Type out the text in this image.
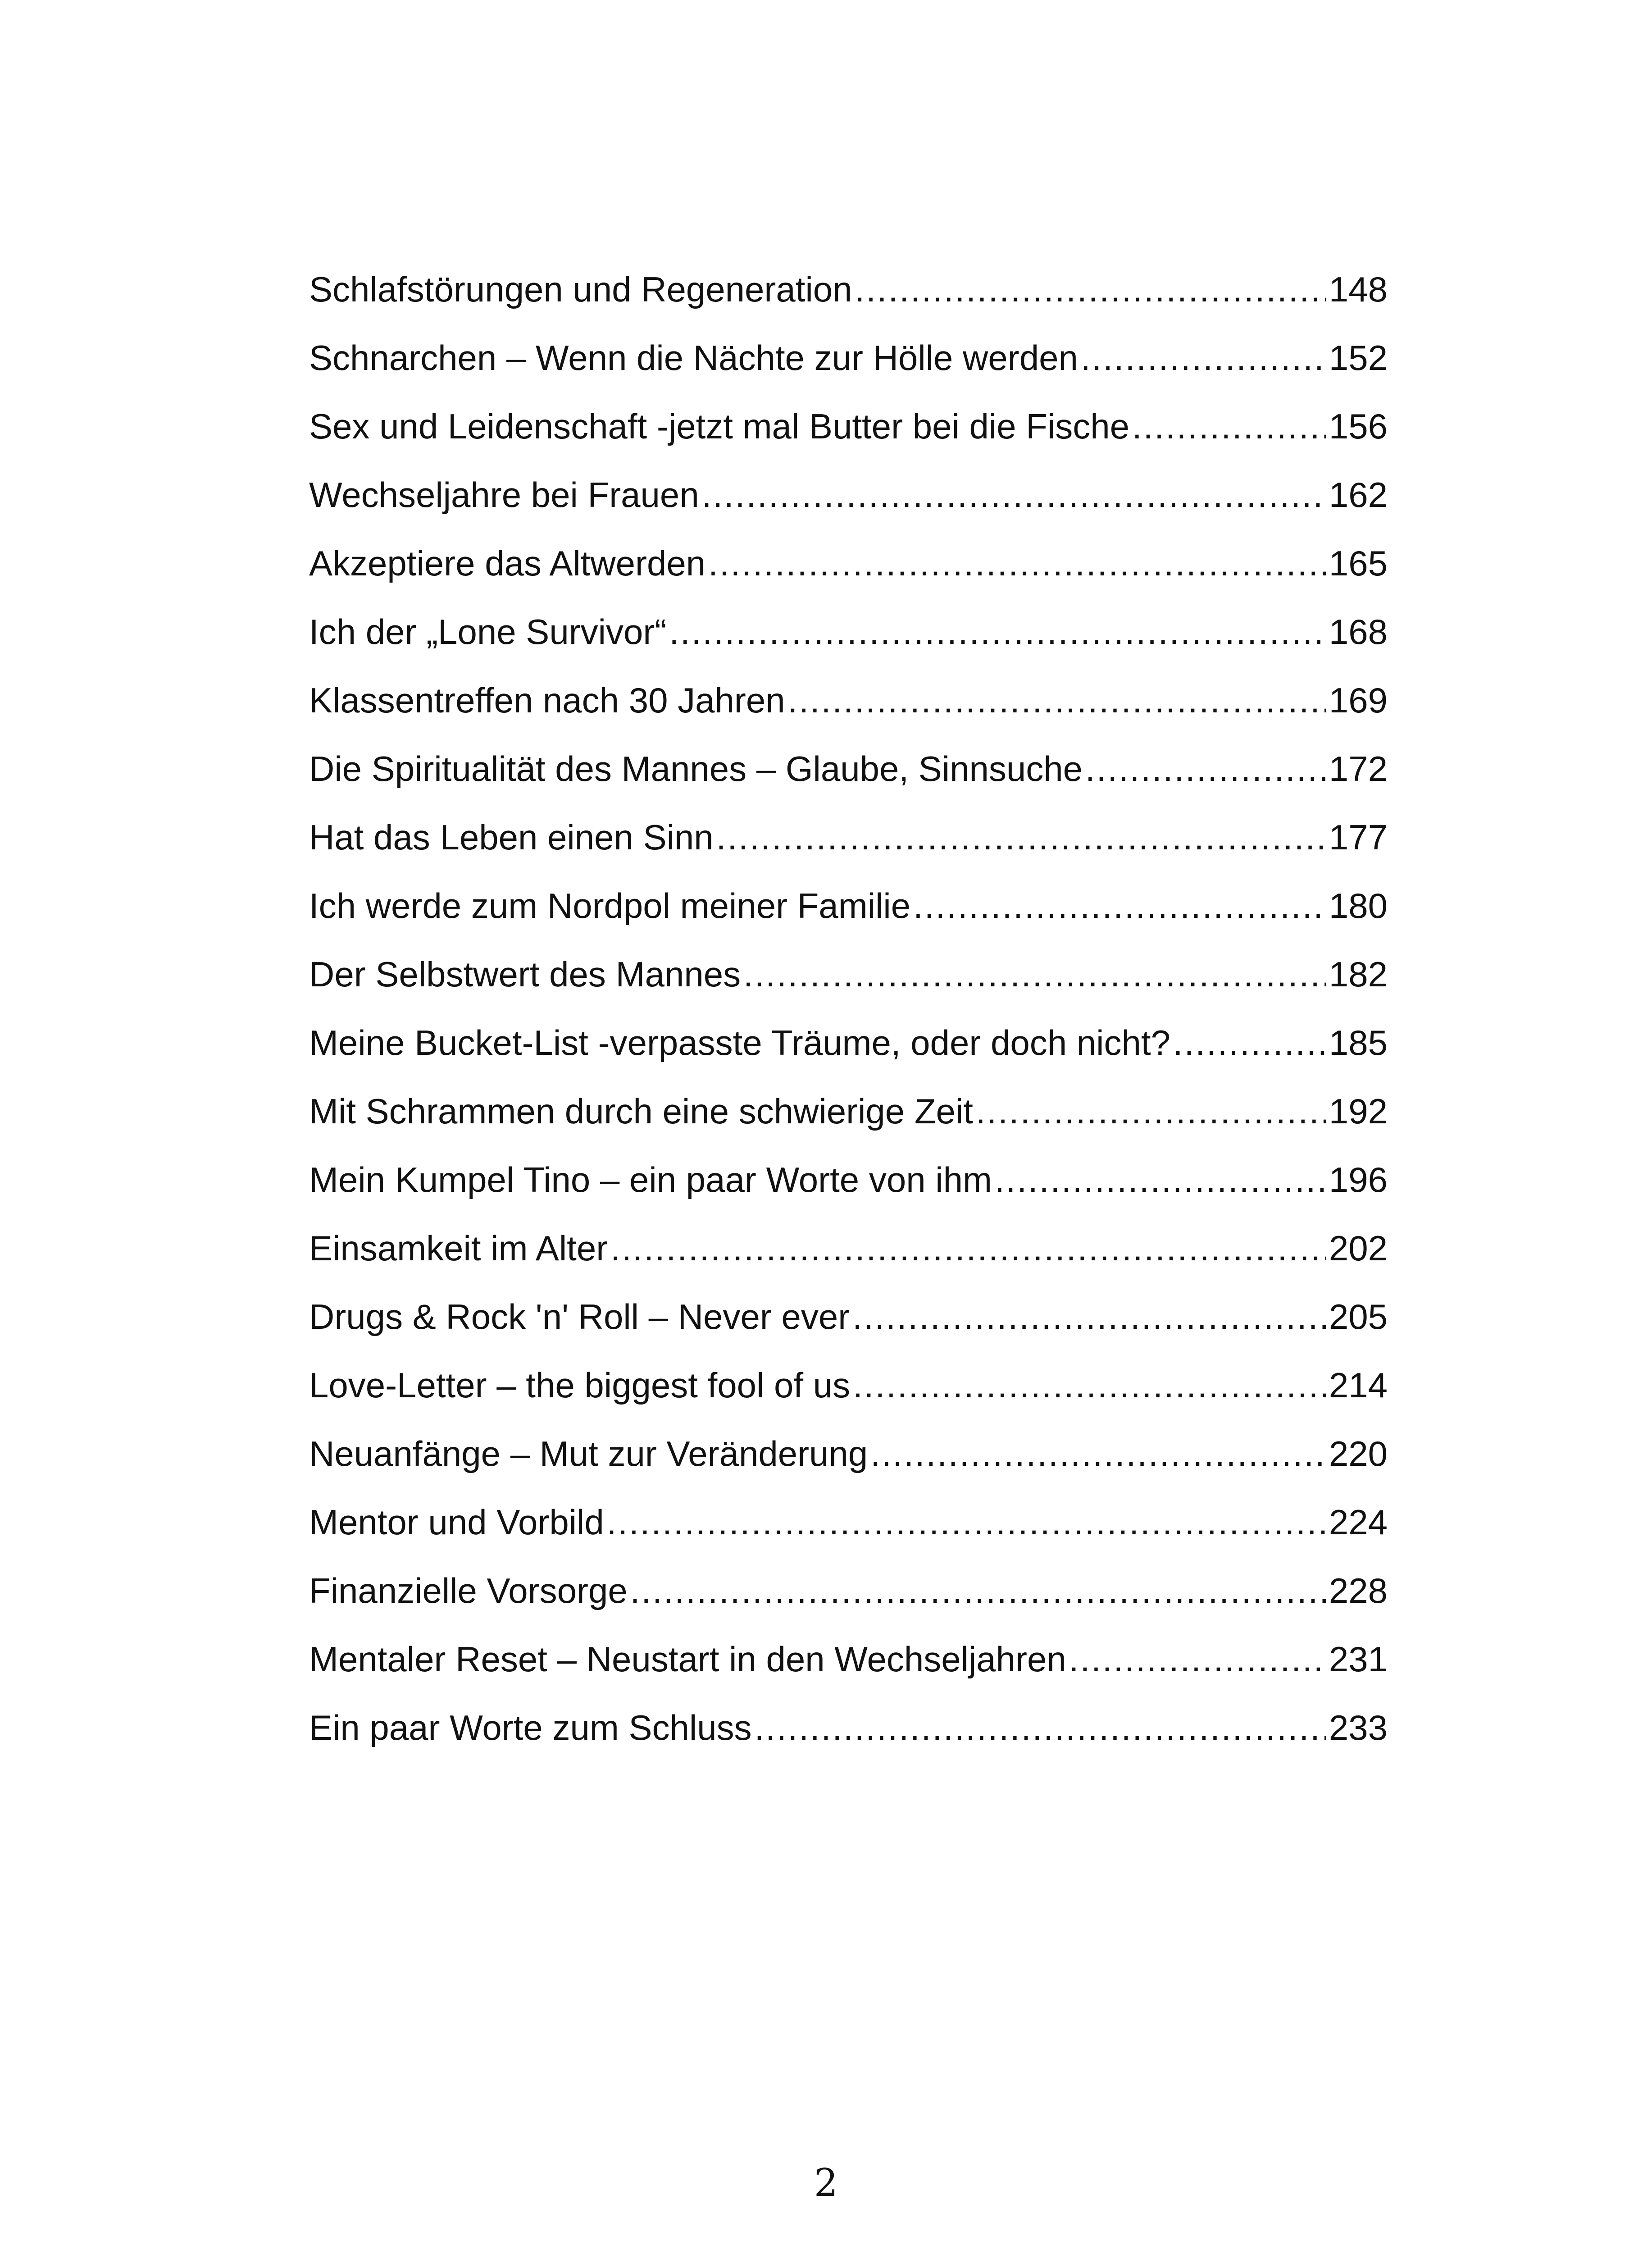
Schlafstörungen und Regeneration .....	148
Schnarchen – Wenn die Nächte zur Hölle werden .....	152
Sex und Leidenschaft -jetzt mal Butter bei die Fische .....	156
Wechseljahre bei Frauen .....	162
Akzeptiere das Altwerden .....	165
Ich der „Lone Survivor“ .....	168
Klassentreffen nach 30 Jahren .....	169
Die Spiritualität des Mannes – Glaube, Sinnsuche .....	172
Hat das Leben einen Sinn .....	177
Ich werde zum Nordpol meiner Familie .....	180
Der Selbstwert des Mannes .....	182
Meine Bucket-List -verpasste Träume, oder doch nicht? .....	185
Mit Schrammen durch eine schwierige Zeit .....	192
Mein Kumpel Tino – ein paar Worte von ihm .....	196
Einsamkeit im Alter .....	202
Drugs & Rock 'n' Roll – Never ever .....	205
Love-Letter – the biggest fool of us .....	214
Neuanfänge – Mut zur Veränderung .....	220
Mentor und Vorbild .....	224
Finanzielle Vorsorge .....	228
Mentaler Reset – Neustart in den Wechseljahren .....	231
Ein paar Worte zum Schluss .....	233
2
